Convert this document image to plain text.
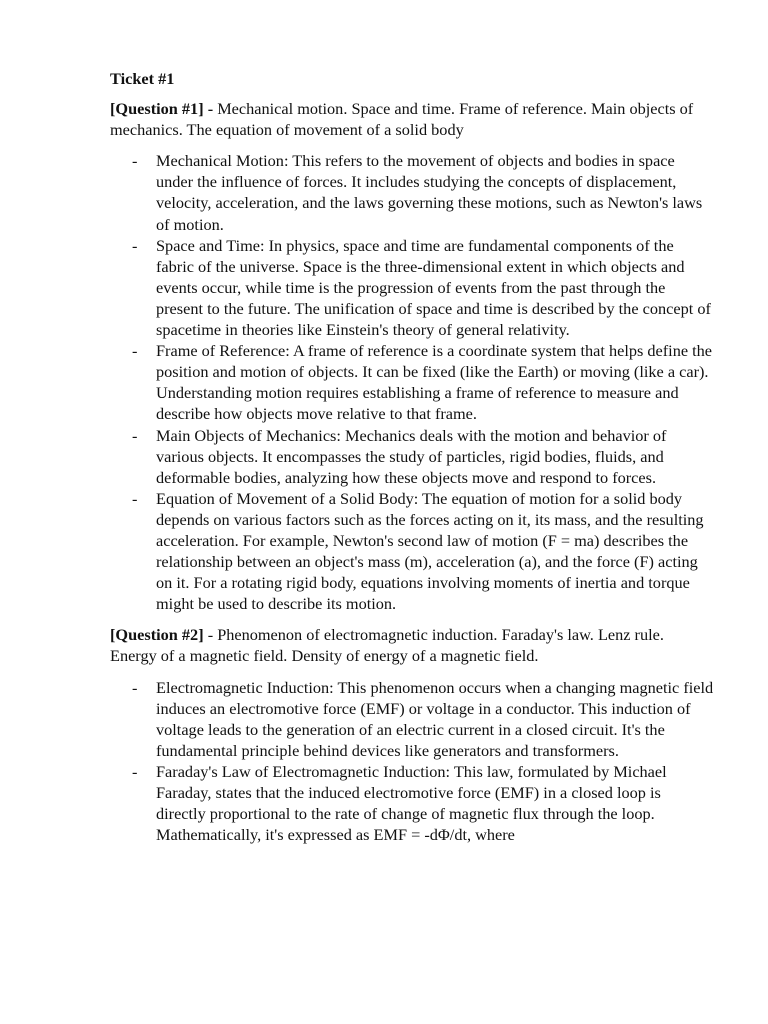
Ticket #1

[Question #1] - Mechanical motion. Space and time. Frame of reference. Main objects of mechanics. The equation of movement of a solid body

- Mechanical Motion: This refers to the movement of objects and bodies in space under the influence of forces. It includes studying the concepts of displacement, velocity, acceleration, and the laws governing these motions, such as Newton's laws of motion.
- Space and Time: In physics, space and time are fundamental components of the fabric of the universe. Space is the three-dimensional extent in which objects and events occur, while time is the progression of events from the past through the present to the future. The unification of space and time is described by the concept of spacetime in theories like Einstein's theory of general relativity.
- Frame of Reference: A frame of reference is a coordinate system that helps define the position and motion of objects. It can be fixed (like the Earth) or moving (like a car). Understanding motion requires establishing a frame of reference to measure and describe how objects move relative to that frame.
- Main Objects of Mechanics: Mechanics deals with the motion and behavior of various objects. It encompasses the study of particles, rigid bodies, fluids, and deformable bodies, analyzing how these objects move and respond to forces.
- Equation of Movement of a Solid Body: The equation of motion for a solid body depends on various factors such as the forces acting on it, its mass, and the resulting acceleration. For example, Newton's second law of motion (F = ma) describes the relationship between an object's mass (m), acceleration (a), and the force (F) acting on it. For a rotating rigid body, equations involving moments of inertia and torque might be used to describe its motion.

[Question #2] - Phenomenon of electromagnetic induction. Faraday's law. Lenz rule. Energy of a magnetic field. Density of energy of a magnetic field.

- Electromagnetic Induction: This phenomenon occurs when a changing magnetic field induces an electromotive force (EMF) or voltage in a conductor. This induction of voltage leads to the generation of an electric current in a closed circuit. It's the fundamental principle behind devices like generators and transformers.
- Faraday's Law of Electromagnetic Induction: This law, formulated by Michael Faraday, states that the induced electromotive force (EMF) in a closed loop is directly proportional to the rate of change of magnetic flux through the loop. Mathematically, it's expressed as EMF = -dΦ/dt, where
